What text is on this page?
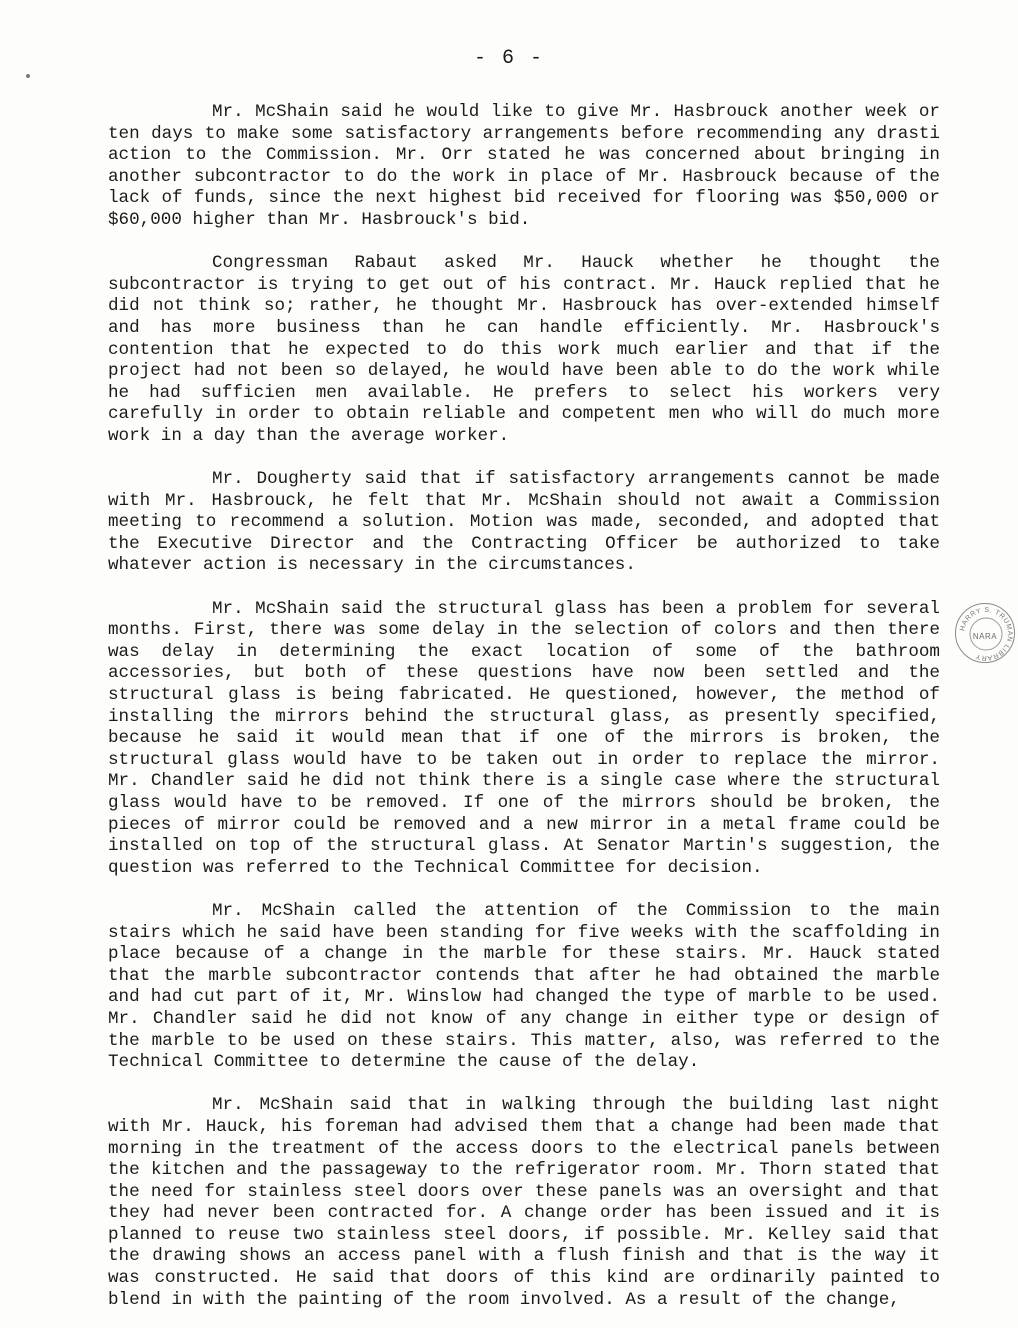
- 6 -

Mr. McShain said he would like to give Mr. Hasbrouck another week or ten days to make some satisfactory arrangements before recommending any drasti action to the Commission. Mr. Orr stated he was concerned about bringing in another subcontractor to do the work in place of Mr. Hasbrouck because of the lack of funds, since the next highest bid received for flooring was $50,000 or $60,000 higher than Mr. Hasbrouck's bid.

Congressman Rabaut asked Mr. Hauck whether he thought the subcontractor is trying to get out of his contract. Mr. Hauck replied that he did not think so; rather, he thought Mr. Hasbrouck has over-extended himself and has more business than he can handle efficiently. Mr. Hasbrouck's contention that he expected to do this work much earlier and that if the project had not been so delayed, he would have been able to do the work while he had sufficien men available. He prefers to select his workers very carefully in order to obtain reliable and competent men who will do much more work in a day than the average worker.

Mr. Dougherty said that if satisfactory arrangements cannot be made with Mr. Hasbrouck, he felt that Mr. McShain should not await a Commission meeting to recommend a solution. Motion was made, seconded, and adopted that the Executive Director and the Contracting Officer be authorized to take whatever action is necessary in the circumstances.

Mr. McShain said the structural glass has been a problem for several months. First, there was some delay in the selection of colors and then there was delay in determining the exact location of some of the bathroom accessories, but both of these questions have now been settled and the structural glass is being fabricated. He questioned, however, the method of installing the mirrors behind the structural glass, as presently specified, because he said it would mean that if one of the mirrors is broken, the structural glass would have to be taken out in order to replace the mirror. Mr. Chandler said he did not think there is a single case where the structural glass would have to be removed. If one of the mirrors should be broken, the pieces of mirror could be removed and a new mirror in a metal frame could be installed on top of the structural glass. At Senator Martin's suggestion, the question was referred to the Technical Committee for decision.

Mr. McShain called the attention of the Commission to the main stairs which he said have been standing for five weeks with the scaffolding in place because of a change in the marble for these stairs. Mr. Hauck stated that the marble subcontractor contends that after he had obtained the marble and had cut part of it, Mr. Winslow had changed the type of marble to be used. Mr. Chandler said he did not know of any change in either type or design of the marble to be used on these stairs. This matter, also, was referred to the Technical Committee to determine the cause of the delay.

Mr. McShain said that in walking through the building last night with Mr. Hauck, his foreman had advised them that a change had been made that morning in the treatment of the access doors to the electrical panels between the kitchen and the passageway to the refrigerator room. Mr. Thorn stated that the need for stainless steel doors over these panels was an oversight and that they had never been contracted for. A change order has been issued and it is planned to reuse two stainless steel doors, if possible. Mr. Kelley said that the drawing shows an access panel with a flush finish and that is the way it was constructed. He said that doors of this kind are ordinarily painted to blend in with the painting of the room involved. As a result of the change,

HARRY S. TRUMAN LIBRARY
NARA
